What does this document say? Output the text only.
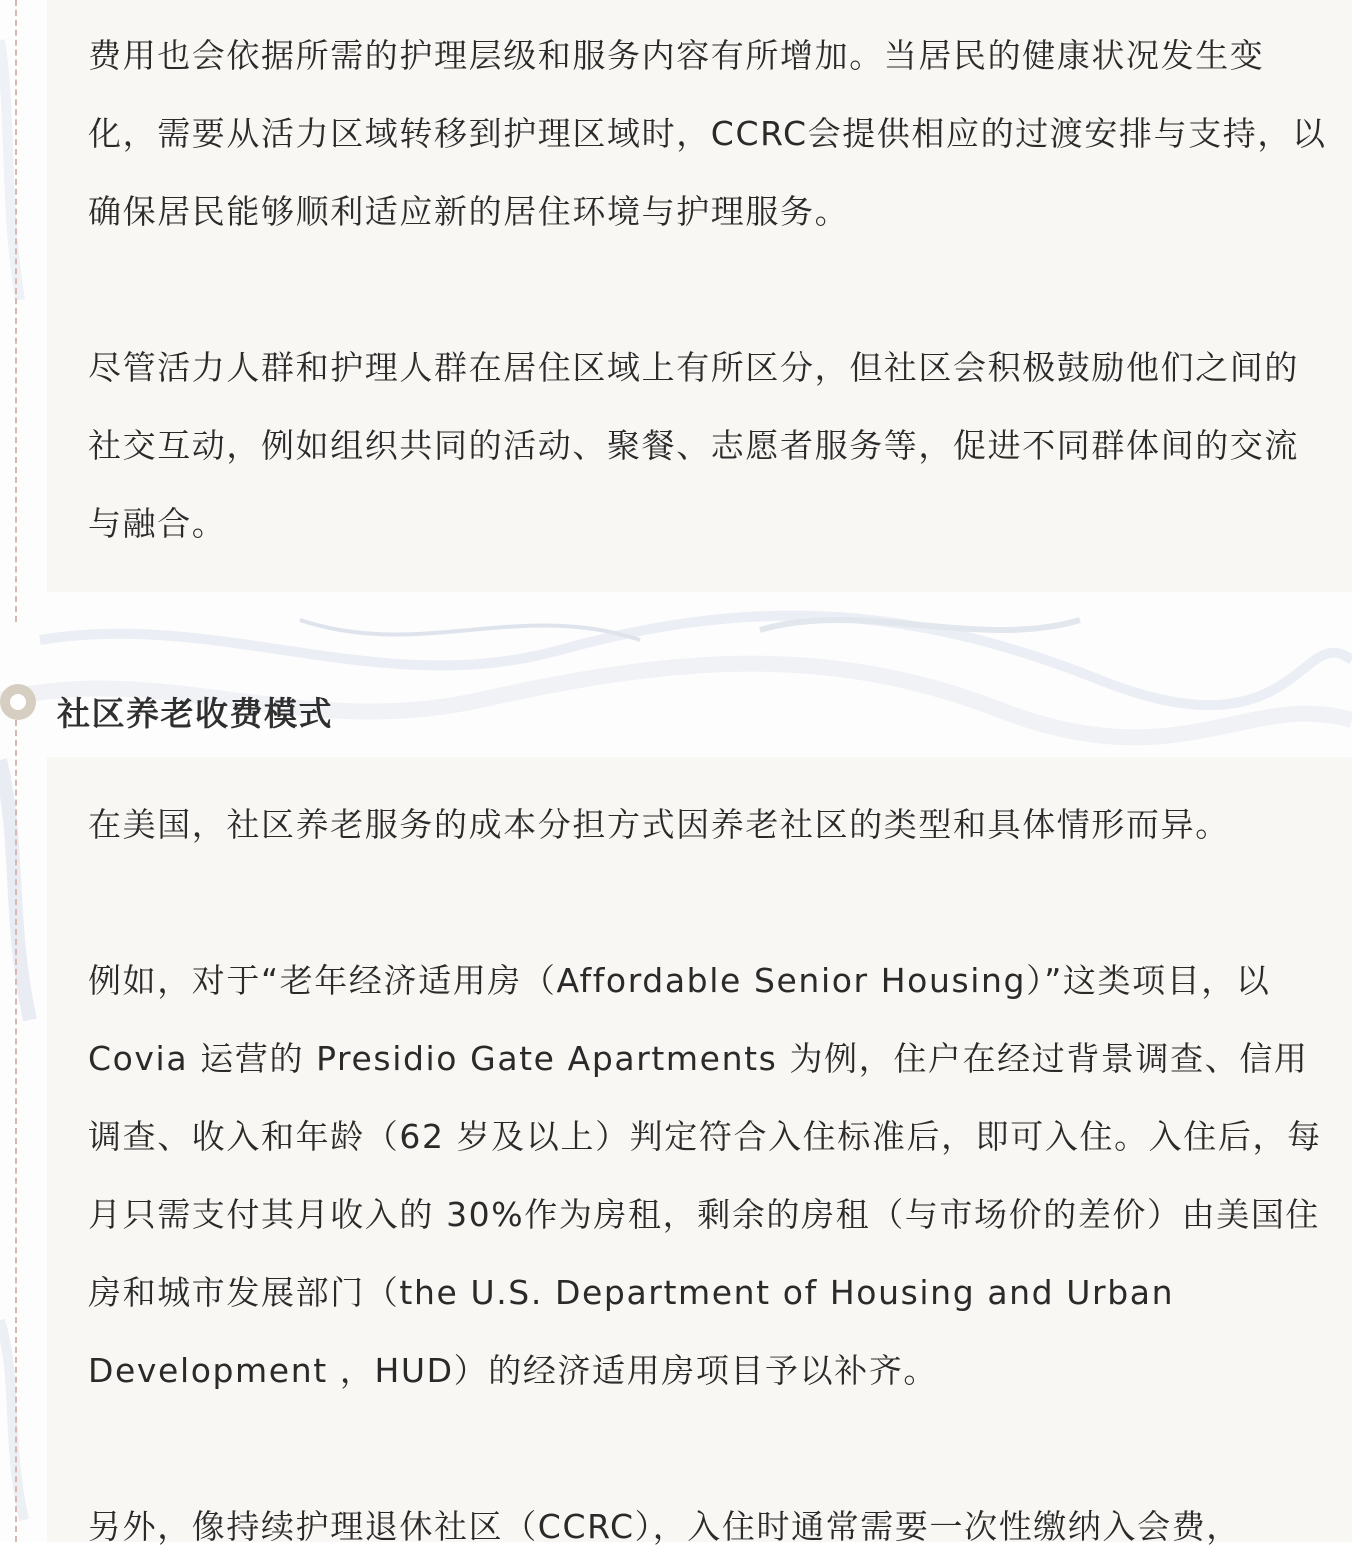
费用也会依据所需的护理层级和服务内容有所增加。当居民的健康状况发生变化，需要从活力区域转移到护理区域时，CCRC会提供相应的过渡安排与支持，以确保居民能够顺利适应新的居住环境与护理服务。

尽管活力人群和护理人群在居住区域上有所区分，但社区会积极鼓励他们之间的社交互动，例如组织共同的活动、聚餐、志愿者服务等，促进不同群体间的交流与融合。

社区养老收费模式

在美国，社区养老服务的成本分担方式因养老社区的类型和具体情形而异。

例如，对于“老年经济适用房（Affordable Senior Housing）”这类项目，以 Covia 运营的 Presidio Gate Apartments 为例，住户在经过背景调查、信用调查、收入和年龄（62 岁及以上）判定符合入住标准后，即可入住。入住后，每月只需支付其月收入的 30%作为房租，剩余的房租（与市场价的差价）由美国住房和城市发展部门（the U.S. Department of Housing and Urban Development ，HUD）的经济适用房项目予以补齐。

另外，像持续护理退休社区（CCRC），入住时通常需要一次性缴纳入会费，
